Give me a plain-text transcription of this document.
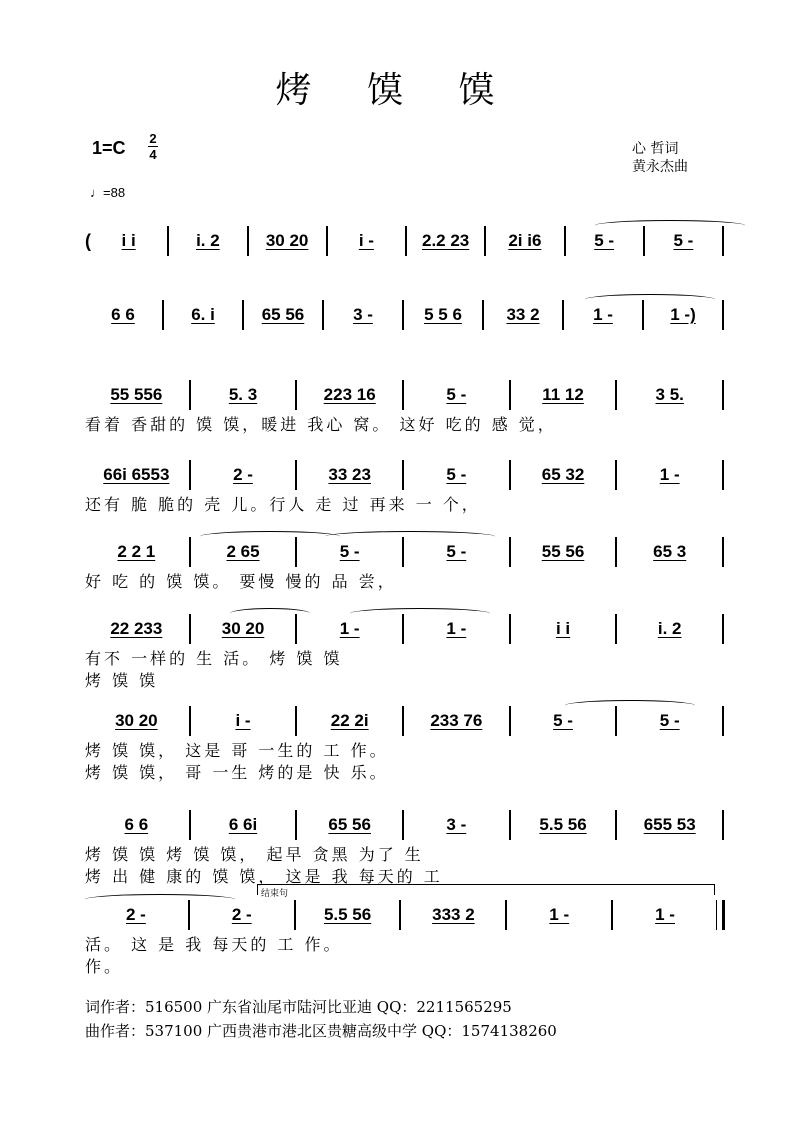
烤 馍 馍
1=C 2
4	心 哲词
黄永杰曲
♩=88
( i i	i. 2	30 20	i -	2.2 23 2i i6	5 -	5 -
6 6	6. i	65 56	3 -	5 5 6	33 2	1 -	1 -)
55 556	5. 3	223 16	5 -	11 12	3 5.
看着 香甜的 馍 馍，暖进 我心 窝。 这好 吃的 感 觉，
66i 6553	2 -	33 23	5 -	65 32	1 -
还有 脆 脆的 壳 儿。行人 走 过 再来 一 个，
2 2 1	2 65	5 -	5 -	55 56	65 3
好 吃 的 馍 馍。 要慢 慢的 品 尝，
22 233	30 20	1 -	1 -	i i	i. 2
有不 一样的 生 活。 烤 馍 馍
烤 馍 馍
30 20	i -	22 2i	233 76	5 -	5 -
烤 馍 馍， 这是 哥 一生的 工 作。
烤 馍 馍， 哥 一生 烤的是 快 乐。
6 6	6 6i	65 56	3 -	5.5 56	655 53
烤 馍 馍 烤 馍 馍， 起早 贪黑 为了 生
烤 出 健 康的 馍 馍， 这是 我 每天的 工
2 -	2 -	5.5 56	333 2	1 -	1 -
结束句
活。 这 是 我 每天的 工 作。
作。
词作者：516500 广东省汕尾市陆河比亚迪 QQ：2211565295
曲作者：537100 广西贵港市港北区贵糖高级中学 QQ：1574138260
